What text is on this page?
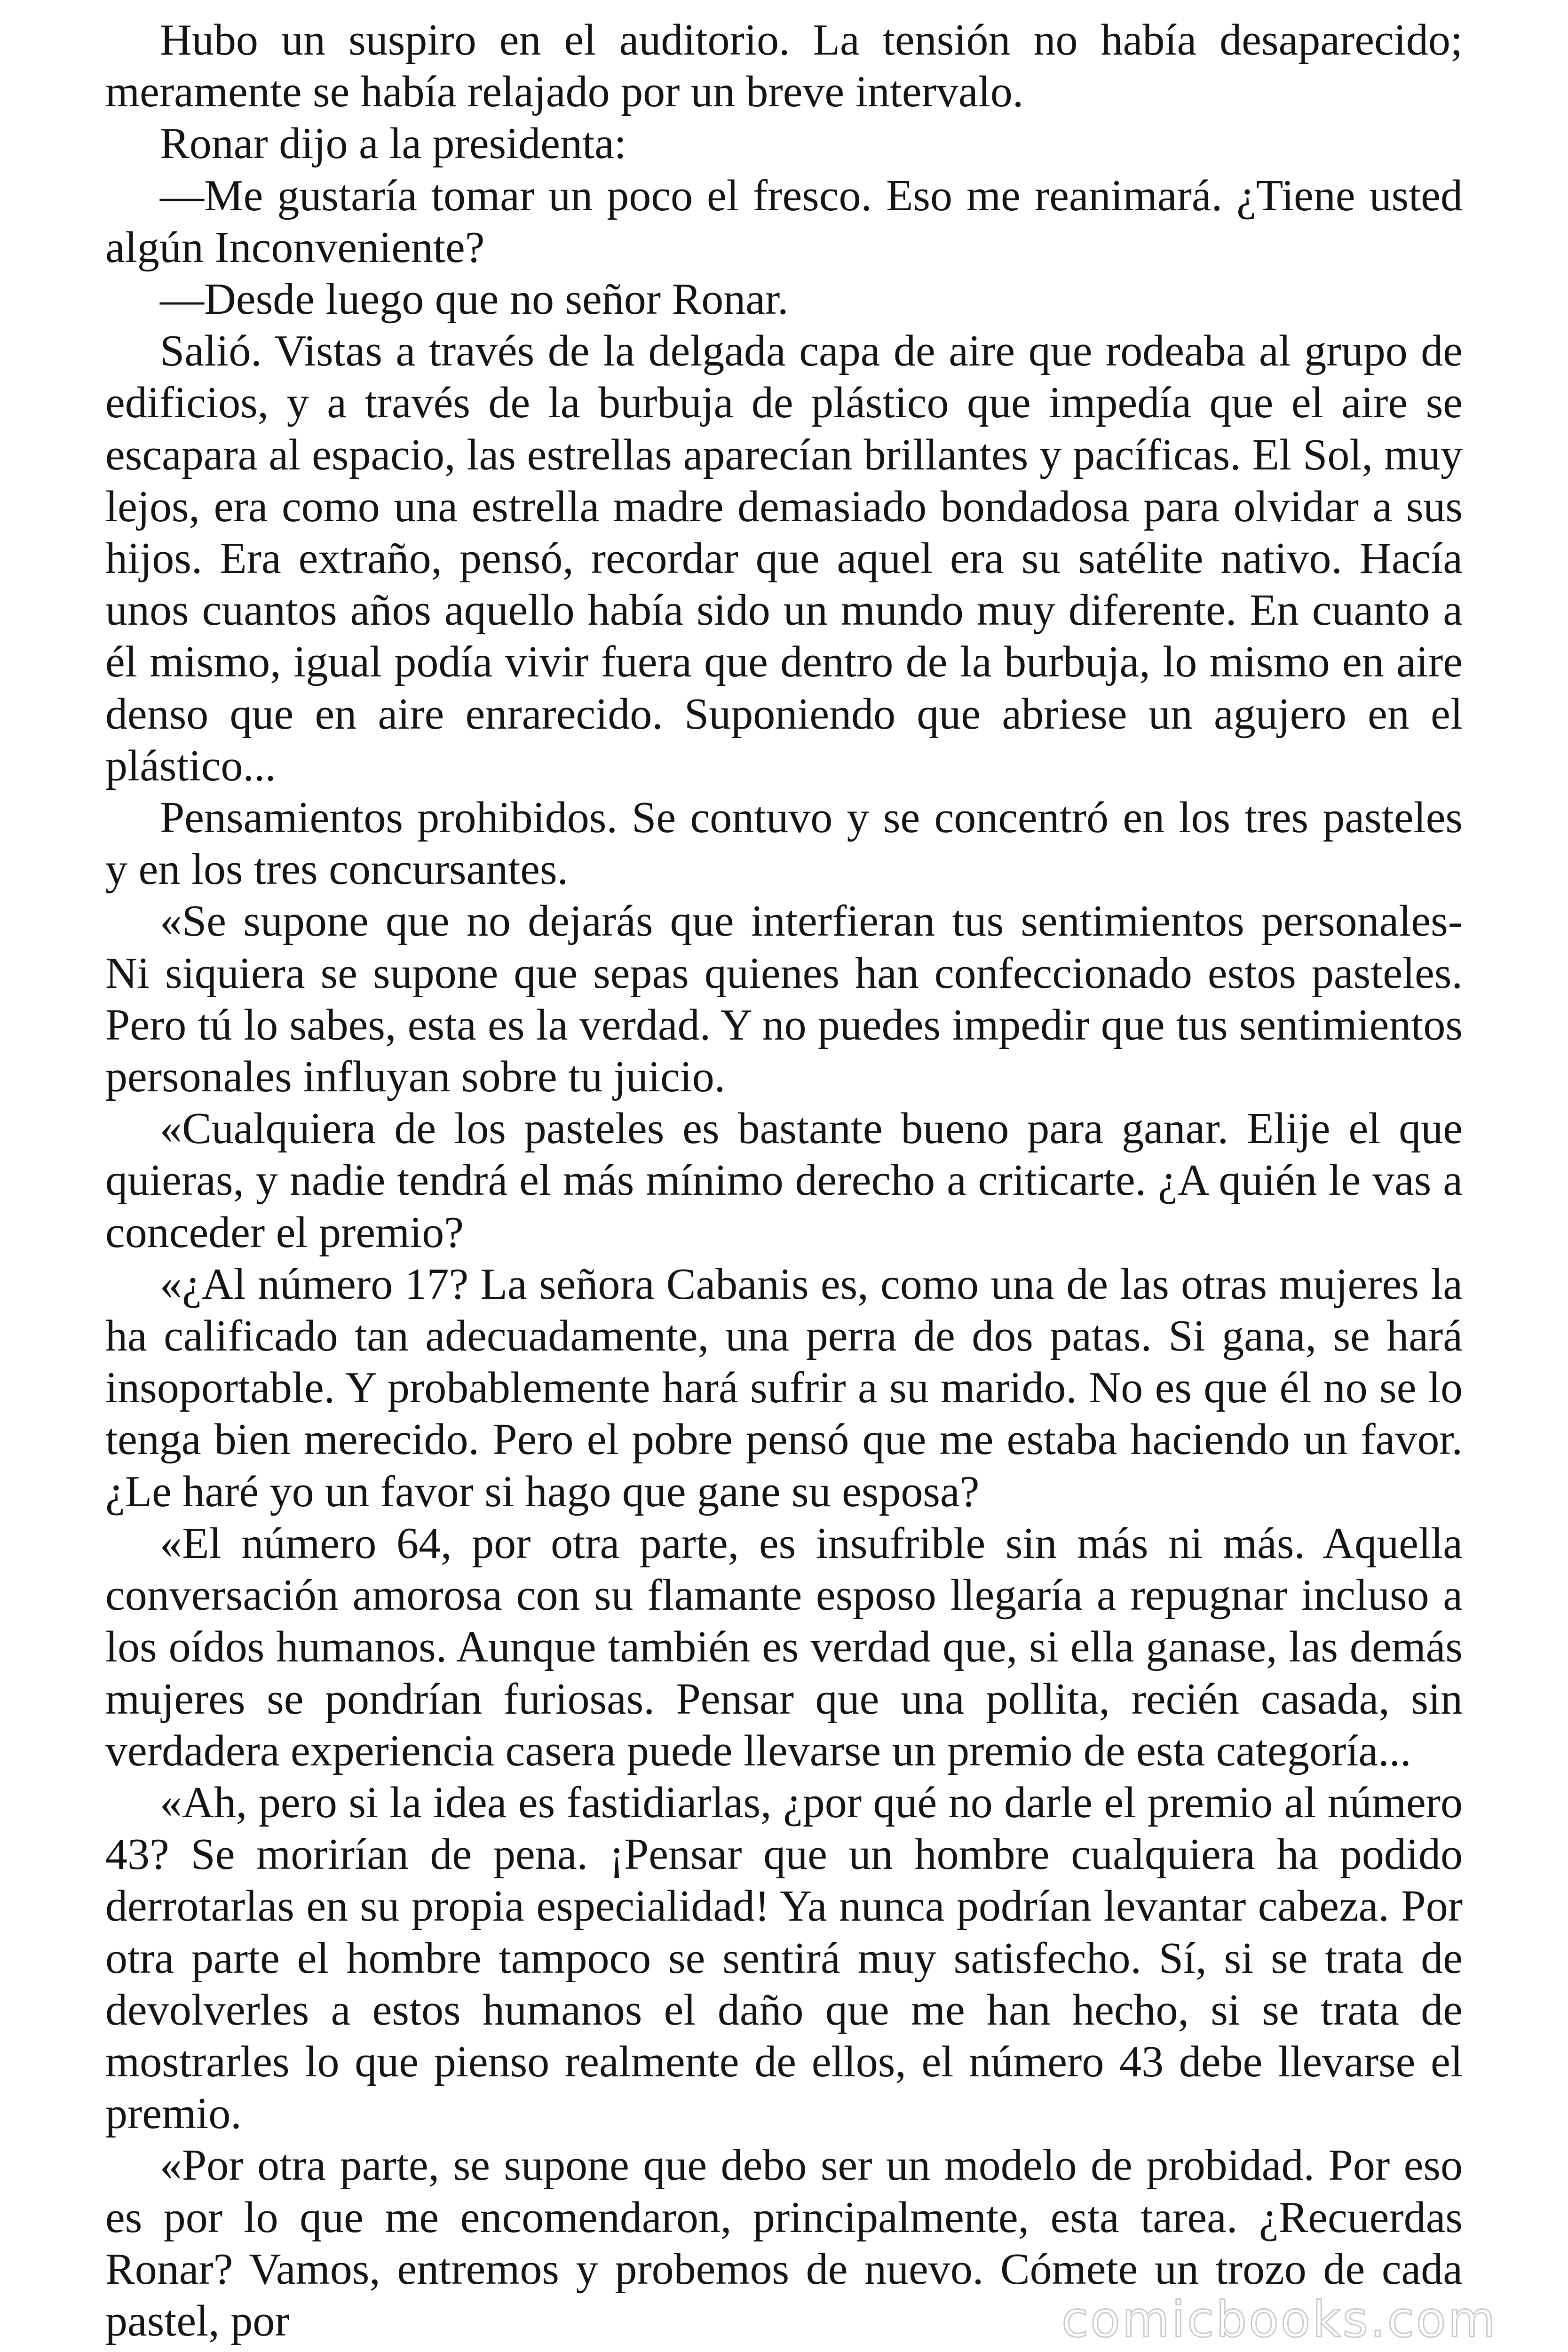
Hubo un suspiro en el auditorio. La tensión no había desaparecido; meramente se había relajado por un breve intervalo.

Ronar dijo a la presidenta:

—Me gustaría tomar un poco el fresco. Eso me reanimará. ¿Tiene usted algún Inconveniente?

—Desde luego que no señor Ronar.

Salió. Vistas a través de la delgada capa de aire que rodeaba al grupo de edificios, y a través de la burbuja de plástico que impedía que el aire se escapara al espacio, las estrellas aparecían brillantes y pacíficas. El Sol, muy lejos, era como una estrella madre demasiado bondadosa para olvidar a sus hijos. Era extraño, pensó, recordar que aquel era su satélite nativo. Hacía unos cuantos años aquello había sido un mundo muy diferente. En cuanto a él mismo, igual podía vivir fuera que dentro de la burbuja, lo mismo en aire denso que en aire enrarecido. Suponiendo que abriese un agujero en el plástico...

Pensamientos prohibidos. Se contuvo y se concentró en los tres pasteles y en los tres concursantes.

«Se supone que no dejarás que interfieran tus sentimientos personales- Ni siquiera se supone que sepas quienes han confeccionado estos pasteles. Pero tú lo sabes, esta es la verdad. Y no puedes impedir que tus sentimientos personales influyan sobre tu juicio.

«Cualquiera de los pasteles es bastante bueno para ganar. Elije el que quieras, y nadie tendrá el más mínimo derecho a criticarte. ¿A quién le vas a conceder el premio?

«¿Al número 17? La señora Cabanis es, como una de las otras mujeres la ha calificado tan adecuadamente, una perra de dos patas. Si gana, se hará insoportable. Y probablemente hará sufrir a su marido. No es que él no se lo tenga bien merecido. Pero el pobre pensó que me estaba haciendo un favor. ¿Le haré yo un favor si hago que gane su esposa?

«El número 64, por otra parte, es insufrible sin más ni más. Aquella conversación amorosa con su flamante esposo llegaría a repugnar incluso a los oídos humanos. Aunque también es verdad que, si ella ganase, las demás mujeres se pondrían furiosas. Pensar que una pollita, recién casada, sin verdadera experiencia casera puede llevarse un premio de esta categoría...

«Ah, pero si la idea es fastidiarlas, ¿por qué no darle el premio al número 43? Se morirían de pena. ¡Pensar que un hombre cualquiera ha podido derrotarlas en su propia especialidad! Ya nunca podrían levantar cabeza. Por otra parte el hombre tampoco se sentirá muy satisfecho. Sí, si se trata de devolverles a estos humanos el daño que me han hecho, si se trata de mostrarles lo que pienso realmente de ellos, el número 43 debe llevarse el premio.

«Por otra parte, se supone que debo ser un modelo de probidad. Por eso es por lo que me encomendaron, principalmente, esta tarea. ¿Recuerdas Ronar? Vamos, entremos y probemos de nuevo. Cómete un trozo de cada pastel, por	comicbooks.com
